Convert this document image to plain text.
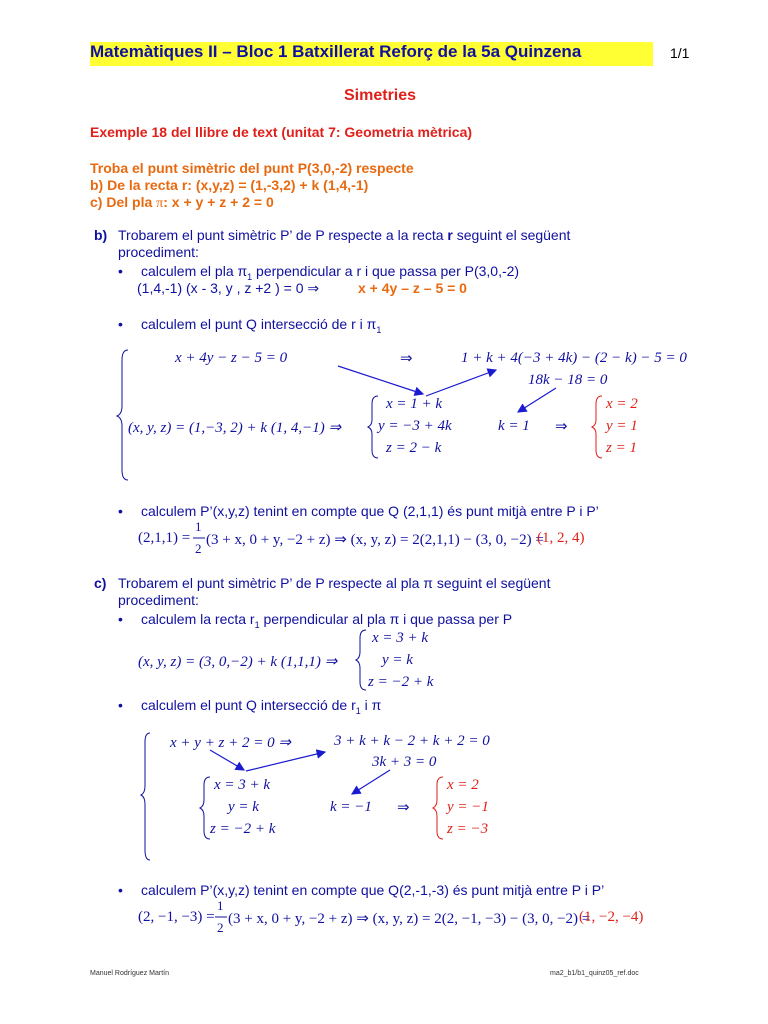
Matemàtiques II – Bloc 1 Batxillerat Reforç de la 5a Quinzena	1/1
Simetries
Exemple 18 del llibre de text (unitat 7: Geometria mètrica)
Troba el punt simètric del punt P(3,0,-2) respecte
b) De la recta r: (x,y,z) = (1,-3,2) + k (1,4,-1)
c) Del pla π: x + y + z + 2 = 0
b) Trobarem el punt simètric P’ de P respecte a la recta r seguint el següent
procediment:
• calculem el pla $\pi_1$ perpendicular a r i que passa per P(3,0,-2)
(1,4,-1) (x - 3, y , z +2 ) = 0 ⇒	x + 4y – z – 5 = 0
• calculem el punt Q intersecció de r i $\pi_1$
x + 4y − z − 5 = 0	⇒	1 + k + 4(−3 + 4k) − (2 − k) − 5 = 0
18k − 18 = 0
(x, y, z) = (1,−3, 2) + k (1, 4,−1) ⇒
x = 1 + k
y = −3 + 4k
z = 2 − k
k = 1 ⇒
x = 2
y = 1
z = 1
• calculem P’(x,y,z) tenint en compte que Q (2,1,1) és punt mitjà entre P i P’
(2,1,1) =
1
2
(3 + x, 0 + y, −2 + z) ⇒ (x, y, z) = 2(2,1,1) − (3, 0, −2) =
(1, 2, 4)
c) Trobarem el punt simètric P’ de P respecte al pla π seguint el següent
procediment:
• calculem la recta $r_1$ perpendicular al pla π i que passa per P
(x, y, z) = (3, 0,−2) + k (1,1,1) ⇒
x = 3 + k
y = k
z = −2 + k
• calculem el punt Q intersecció de $r_1$ i π
x + y + z + 2 = 0 ⇒	3 + k + k − 2 + k + 2 = 0
3k + 3 = 0
x = 3 + k
y = k
z = −2 + k
k = −1 ⇒
x = 2
y = −1
z = −3
• calculem P’(x,y,z) tenint en compte que Q(2,-1,-3) és punt mitjà entre P i P’
(2, −1, −3) =
1
2
(3 + x, 0 + y, −2 + z) ⇒ (x, y, z) = 2(2, −1, −3) − (3, 0, −2) =
(1, −2, −4)
Manuel Rodríguez Martín	ma2_b1/b1_quinz05_ref.doc
